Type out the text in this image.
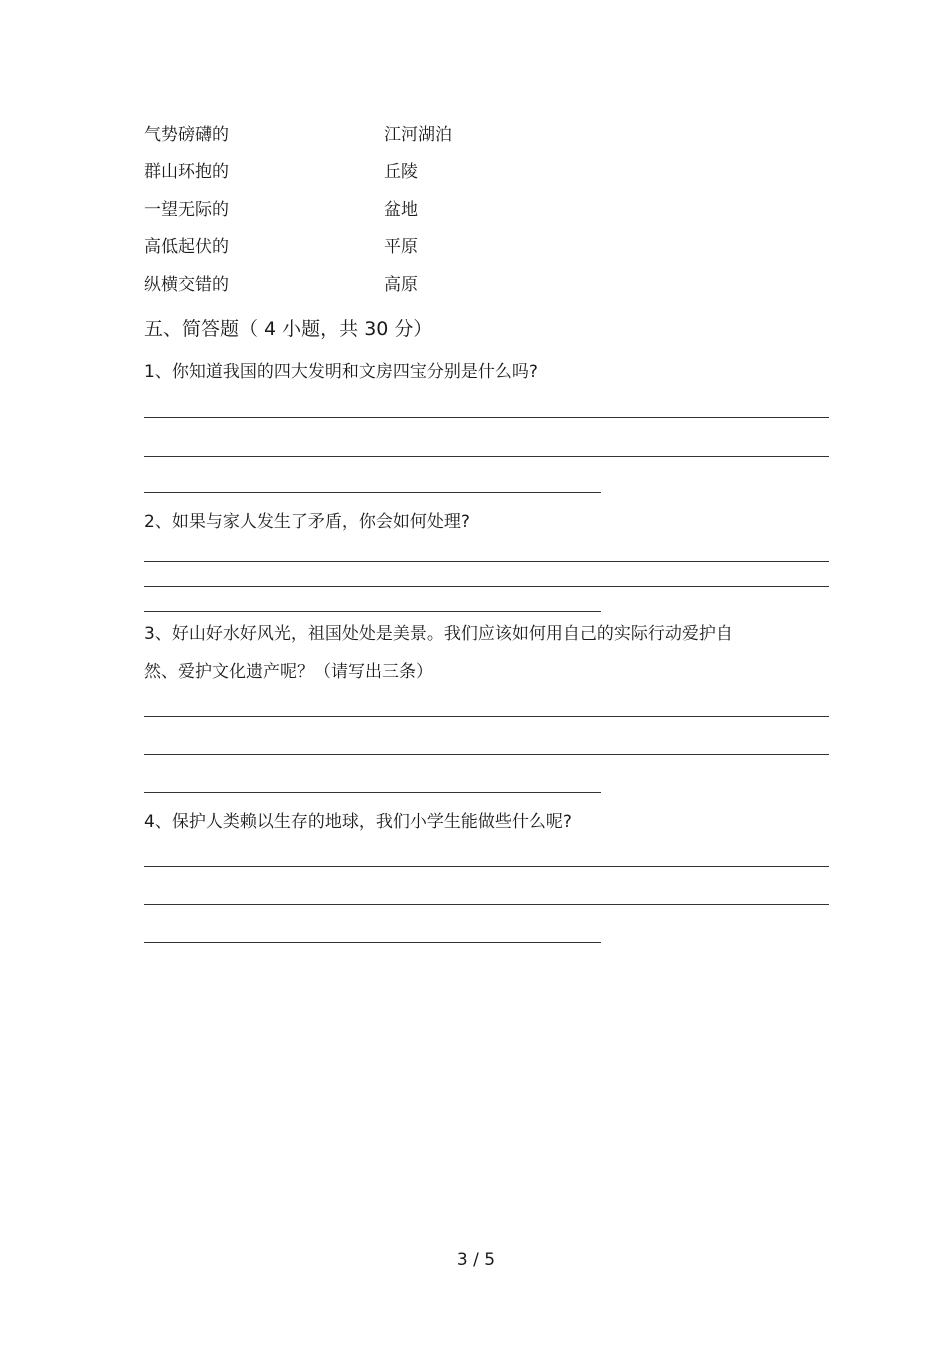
气势磅礴的	江河湖泊
群山环抱的	丘陵
一望无际的	盆地
高低起伏的	平原
纵横交错的	高原
五、简答题（ 4 小题，共 30 分）
1、你知道我国的四大发明和文房四宝分别是什么吗?
2、如果与家人发生了矛盾，你会如何处理?
3、好山好水好风光，祖国处处是美景。我们应该如何用自己的实际行动爱护自
然、爱护文化遗产呢？（请写出三条）
4、保护人类赖以生存的地球，我们小学生能做些什么呢?
3 / 5
